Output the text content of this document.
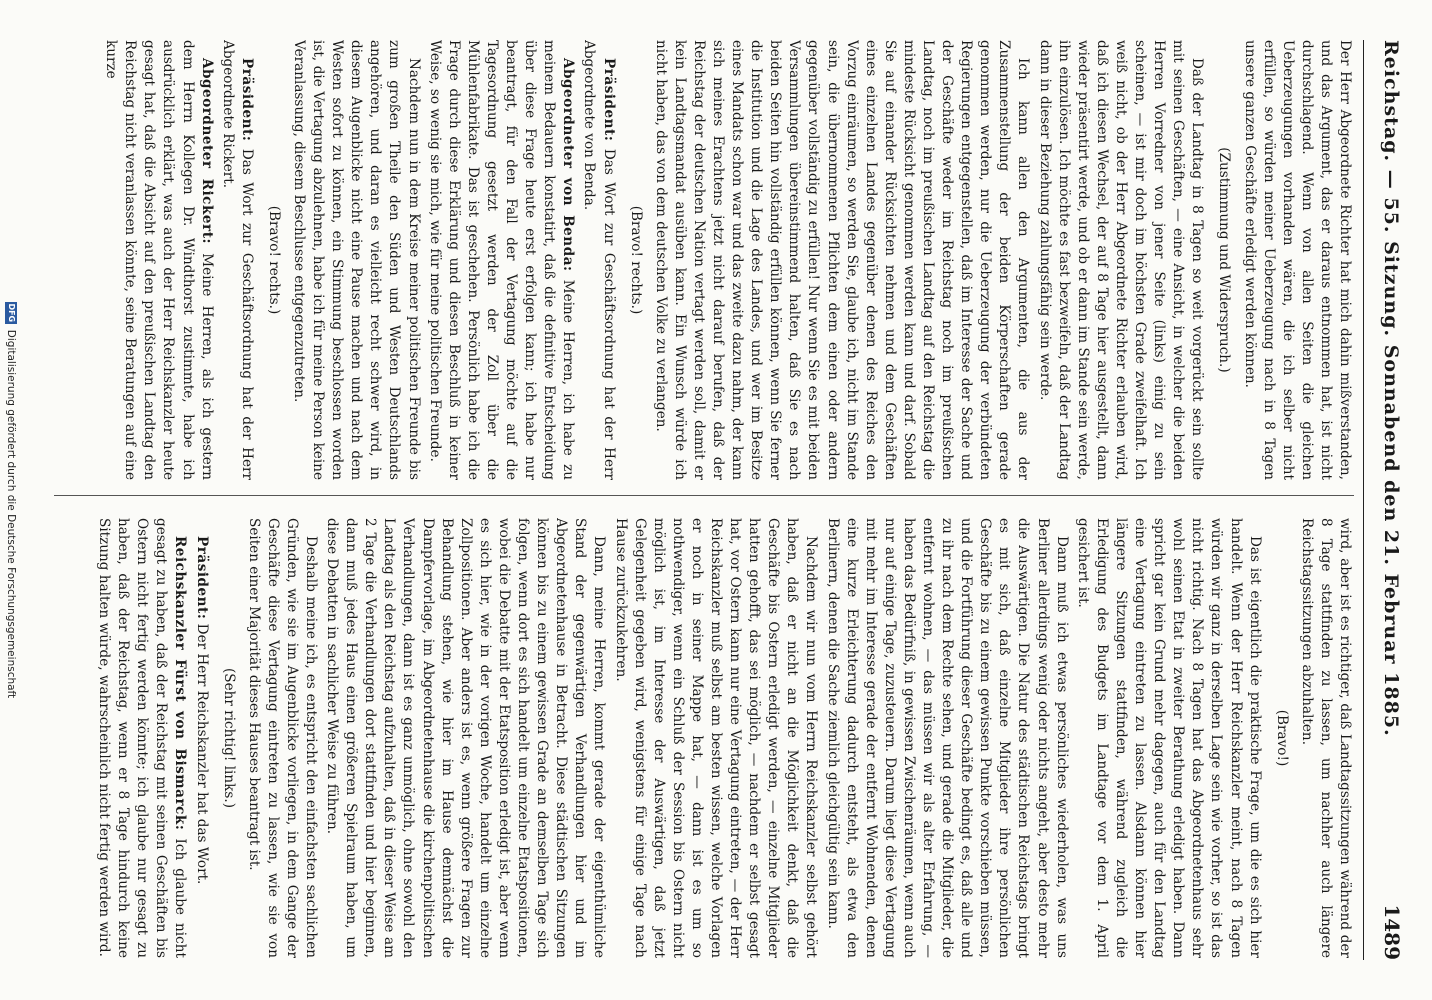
Reichstag. — 55. Sitzung. Sonnabend den 21. Februar 1885.
1489

Der Herr Abgeordnete Richter hat mich dahin mißverstanden, und das Argument, das er daraus entnommen hat, ist nicht durchschlagend. Wenn von allen Seiten die gleichen Ueberzeugungen vorhanden wären, die ich selber nicht erfüllen, so würden meiner Ueberzeugung nach in 8 Tagen unsere ganzen Geschäfte erledigt werden können.

(Zustimmung und Widerspruch.)

Daß der Landtag in 8 Tagen so weit vorgerückt sein sollte mit seinen Geschäften, — eine Ansicht, in welcher die beiden Herren Vorredner von jener Seite (links) einig zu sein scheinen, — ist mir doch im höchsten Grade zweifelhaft. Ich weiß nicht, ob der Herr Abgeordnete Richter erlauben wird, daß ich diesen Wechsel, der auf 8 Tage hier ausgestellt, dann wieder präsentirt werde, und ob er dann im Stande sein werde, ihn einzulösen. Ich möchte es fast bezweifeln, daß der Landtag dann in dieser Beziehung zahlungsfähig sein werde.

Ich kann allen den Argumenten, die aus der Zusammenstellung der beiden Körperschaften gerade genommen werden, nur die Ueberzeugung der verbündeten Regierungen entgegenstellen, daß im Interesse der Sache und der Geschäfte weder im Reichstag noch im preußischen Landtag, noch im preußischen Landtag auf den Reichstag die mindeste Rücksicht genommen werden kann und darf. Sobald Sie auf einander Rücksichten nehmen und dem Geschäften eines einzelnen Landes gegenüber denen des Reiches den Vorzug einräumen, so werden Sie, glaube ich, nicht im Stande sein, die übernommenen Pflichten dem einen oder andern gegenüber vollständig zu erfüllen! Nur wenn Sie es mit beiden Versammlungen übereinstimmend halten, daß Sie es nach beiden Seiten hin vollständig erfüllen können, wenn Sie ferner die Institution und die Lage des Landes, und wer im Besitze eines Mandats schon war und das zweite dazu nahm, der kann sich meines Erachtens jetzt nicht darauf berufen, daß der Reichstag der deutschen Nation vertagt werden soll, damit er kein Landtagsmandat ausüben kann. Ein Wunsch würde ich nicht haben, das von dem deutschen Volke zu verlangen.

(Bravo! rechts.)

Präsident: Das Wort zur Geschäftsordnung hat der Herr Abgeordnete von Benda.

Abgeordneter von Benda: Meine Herren, ich habe zu meinem Bedauern konstatirt, daß die definitive Entscheidung über diese Frage heute erst erfolgen kann; ich habe nur beantragt, für den Fall der Vertagung möchte auf die Tagesordnung gesetzt werden der Zoll über die Mühlenfabrikate. Das ist geschehen. Persönlich habe ich die Frage durch diese Erklärung und diesen Beschluß in keiner Weise, so wenig sie mich, wie für meine politischen Freunde.

Nachdem nun in dem Kreise meiner politischen Freunde bis zum großen Theile den Süden und Westen Deutschlands angehören, und daran es vielleicht recht schwer wird, in diesem Augenblicke nicht eine Pause machen und nach dem Westen sofort zu können, ein Stimmung beschlossen worden ist, die Vertagung abzulehnen, habe ich für meine Person keine Veranlassung, diesem Beschlusse entgegenzutreten.

(Bravo! rechts.)

Präsident: Das Wort zur Geschäftsordnung hat der Herr Abgeordnete Rickert.

Abgeordneter Rickert: Meine Herren, als ich gestern dem Herrn Kollegen Dr. Windthorst zustimmte, habe ich ausdrücklich erklärt, was auch der Herr Reichskanzler heute gesagt hat, daß die Absicht auf den preußischen Landtag den Reichstag nicht veranlassen könnte, seine Beratungen auf eine kurze

wird, aber ist es richtiger, daß Landtagssitzungen während der 8 Tage stattfinden zu lassen, um nachher auch längere Reichstagssitzungen abzuhalten.

(Bravo!)

Das ist eigentlich die praktische Frage, um die es sich hier handelt. Wenn der Herr Reichskanzler meint, nach 8 Tagen würden wir ganz in derselben Lage sein wie vorher, so ist das nicht richtig. Nach 8 Tagen hat das Abgeordnetenhaus sehr wohl seinen Etat in zweiter Berathung erledigt haben. Dann spricht gar kein Grund mehr dagegen, auch für den Landtag eine Vertagung eintreten zu lassen. Alsdann können hier längere Sitzungen stattfinden, während zugleich die Erledigung des Budgets im Landtage vor dem 1. April gesichert ist.

Dann muß ich etwas persönliches wiederholen, was uns Berliner allerdings wenig oder nichts angeht, aber desto mehr die Auswärtigen. Die Natur des städtischen Reichstags bringt es mit sich, daß einzelne Mitglieder ihre persönlichen Geschäfte bis zu einem gewissen Punkte vorschieben müssen, und die Fortführung dieser Geschäfte bedingt es, daß alle und zu ihr nach dem Rechte sehen, und gerade die Mitglieder, die entfernt wohnen, — das müssen wir als alter Erfahrung, — haben das Bedürfniß, in gewissen Zwischenräumen, wenn auch nur auf einige Tage, zuzusteuern. Darum liegt diese Vertagung mit mehr im Interesse gerade der entfernt Wohnenden, denen eine kurze Erleichterung dadurch entsteht, als etwa den Berlinern, denen die Sache ziemlich gleichgültig sein kann.

Nachdem wir nun vom Herrn Reichskanzler selbst gehört haben, daß er nicht an die Möglichkeit denkt, daß die Geschäfte bis Ostern erledigt werden, — einzelne Mitglieder hatten gehofft, das sei möglich, — nachdem er selbst gesagt hat, vor Ostern kann nur eine Vertagung eintreten, — der Herr Reichskanzler muß selbst am besten wissen, welche Vorlagen er noch in seiner Mappe hat, — dann ist es um so nothwendiger, wenn ein Schluß der Session bis Ostern nicht möglich ist, im Interesse der Auswärtigen, daß jetzt Gelegenheit gegeben wird, wenigstens für einige Tage nach Hause zurückzukehren.

Dann, meine Herren, kommt gerade der eigenthümliche Stand der gegenwärtigen Verhandlungen hier und im Abgeordnetenhause in Betracht. Diese städtischen Sitzungen können bis zu einem gewissen Grade an demselben Tage sich folgen, wenn dort es sich handelt um einzelne Etatspositionen, wobei die Debatte mit der Etatsposition erledigt ist, aber wenn es sich hier, wie in der vorigen Woche, handelt um einzelne Zollpositionen. Aber anders ist es, wenn größere Fragen zur Behandlung stehen, wie hier im Hause demnächst die Dampfervorlage, im Abgeordnetenhause die kirchenpolitischen Verhandlungen, dann ist es ganz unmöglich, ohne sowohl den Landtag als den Reichstag aufzuhalten, daß in dieser Weise am 2 Tage die Verhandlungen dort stattfinden und hier beginnen, dann muß jedes Haus einen größeren Spielraum haben, um diese Debatten in sachlicher Weise zu führen.

Deshalb meine ich, es entspricht den einfachsten sachlichen Gründen, wie sie im Augenblicke vorliegen, in dem Gange der Geschäfte diese Vertagung eintreten zu lassen, wie sie von Seiten einer Majorität dieses Hauses beantragt ist.

(Sehr richtig! links.)

Präsident: Der Herr Reichskanzler hat das Wort.

Reichskanzler Fürst von Bismarck: Ich glaube nicht gesagt zu haben, daß der Reichstag mit seinen Geschäften bis Ostern nicht fertig werden könnte; ich glaube nur gesagt zu haben, daß der Reichstag, wenn er 8 Tage hindurch keine Sitzung halten würde, wahrscheinlich nicht fertig werden wird.

DFG
Digitalisierung gefördert durch die Deutsche Forschungsgemeinschaft
